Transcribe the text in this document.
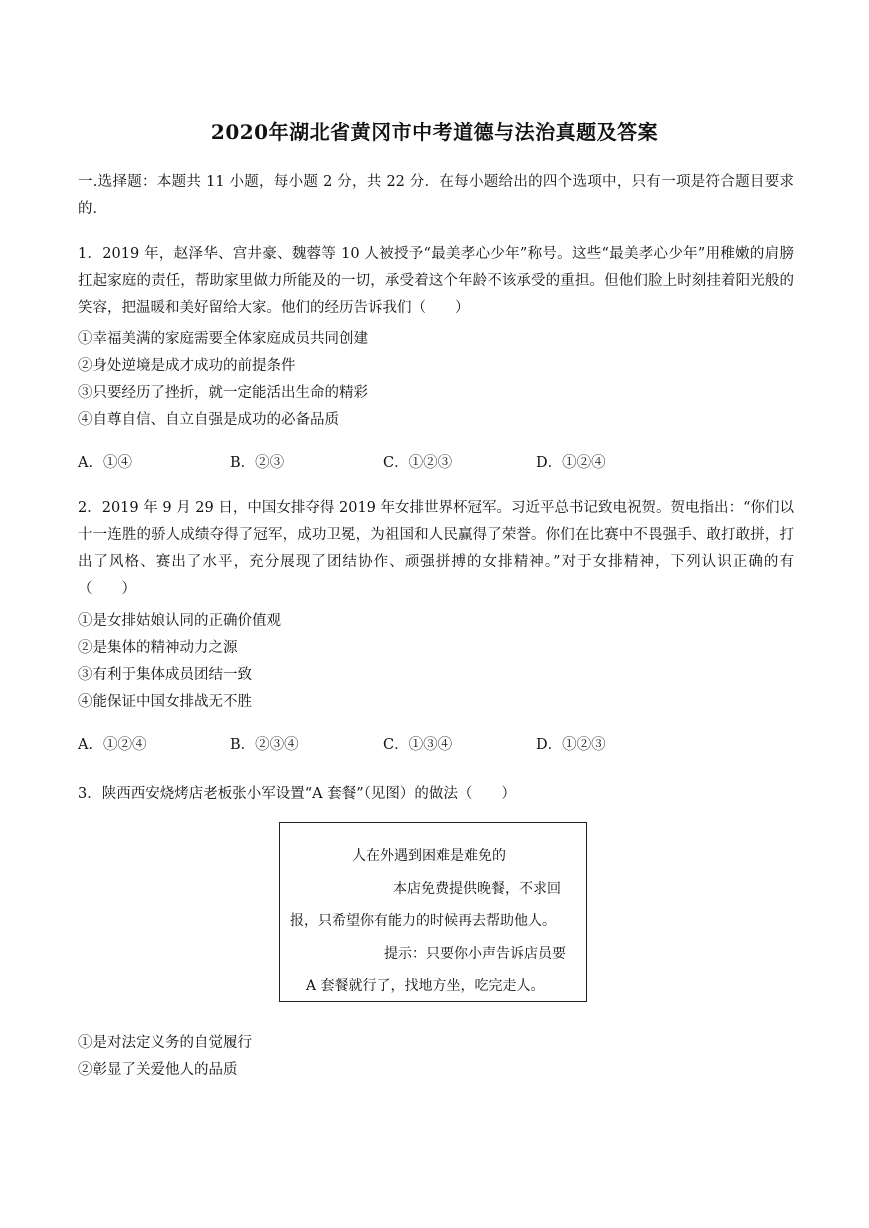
2020年湖北省黄冈市中考道德与法治真题及答案
一.选择题：本题共 11 小题，每小题 2 分，共 22 分．在每小题给出的四个选项中，只有一项是符合题目要求的．
1．2019 年，赵泽华、宫井豪、魏蓉等 10 人被授予“最美孝心少年”称号。这些“最美孝心少年”用稚嫩的肩膀扛起家庭的责任，帮助家里做力所能及的一切，承受着这个年龄不该承受的重担。但他们脸上时刻挂着阳光般的笑容，把温暖和美好留给大家。他们的经历告诉我们（　　）
①幸福美满的家庭需要全体家庭成员共同创建
②身处逆境是成才成功的前提条件
③只要经历了挫折，就一定能活出生命的精彩
④自尊自信、自立自强是成功的必备品质
A．①④	B．②③	C．①②③	D．①②④
2．2019 年 9 月 29 日，中国女排夺得 2019 年女排世界杯冠军。习近平总书记致电祝贺。贺电指出：“你们以十一连胜的骄人成绩夺得了冠军，成功卫冕，为祖国和人民赢得了荣誉。你们在比赛中不畏强手、敢打敢拼，打出了风格、赛出了水平，充分展现了团结协作、顽强拼搏的女排精神。”对于女排精神，下列认识正确的有（　　）
①是女排姑娘认同的正确价值观
②是集体的精神动力之源
③有利于集体成员团结一致
④能保证中国女排战无不胜
A．①②④	B．②③④	C．①③④	D．①②③
3．陕西西安烧烤店老板张小军设置“A 套餐”（见图）的做法（　　）
人在外遇到困难是难免的
本店免费提供晚餐，不求回
报，只希望你有能力的时候再去帮助他人。
提示：只要你小声告诉店员要
A 套餐就行了，找地方坐，吃完走人。
①是对法定义务的自觉履行
②彰显了关爱他人的品质
